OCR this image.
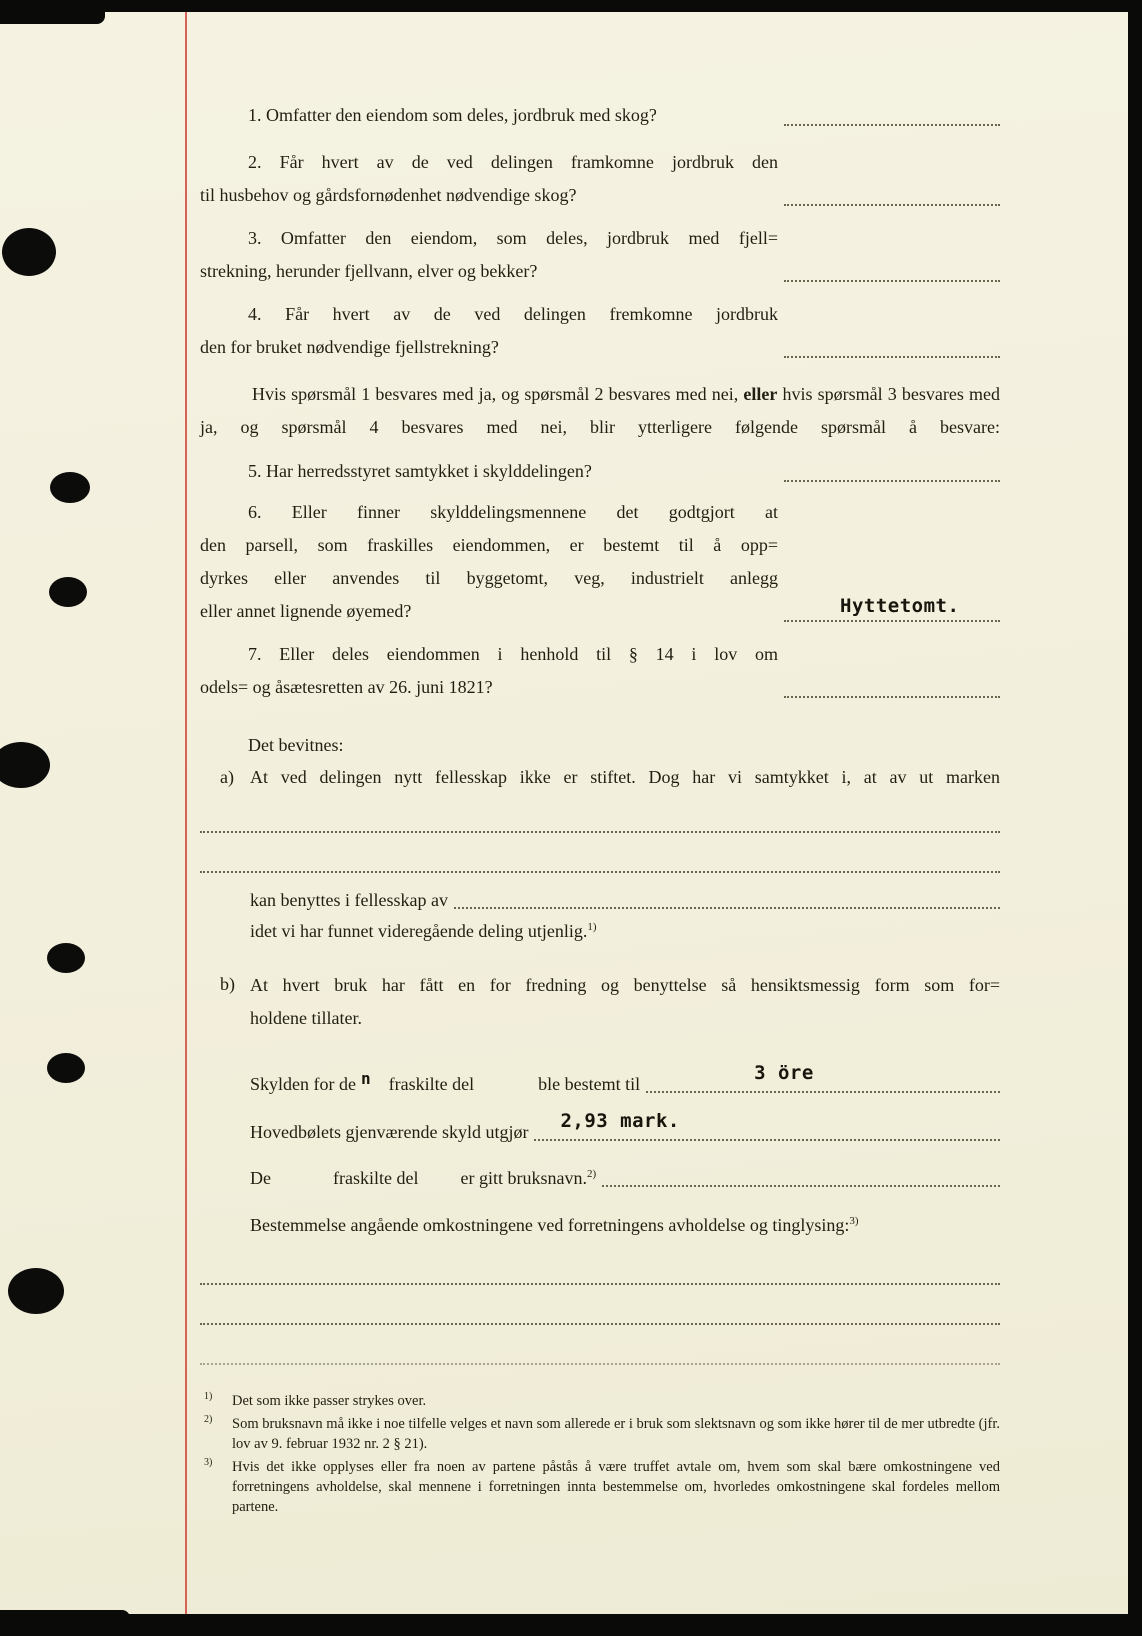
1. Omfatter den eiendom som deles, jordbruk med skog?
2. Får hvert av de ved delingen framkomne jordbruk den
til husbehov og gårdsfornødenhet nødvendige skog?
3. Omfatter den eiendom, som deles, jordbruk med fjell=
strekning, herunder fjellvann, elver og bekker?
4. Får hvert av de ved delingen fremkomne jordbruk
den for bruket nødvendige fjellstrekning?
Hvis spørsmål 1 besvares med ja, og spørsmål 2 besvares med nei, eller hvis spørsmål 3 besvares med ja, og spørsmål 4 besvares med nei, blir ytterligere følgende spørsmål å besvare:
5. Har herredsstyret samtykket i skylddelingen?
6. Eller finner skylddelingsmennene det godtgjort at
den parsell, som fraskilles eiendommen, er bestemt til å opp=
dyrkes eller anvendes til byggetomt, veg, industrielt anlegg
eller annet lignende øyemed?	Hyttetomt.
7. Eller deles eiendommen i henhold til § 14 i lov om
odels= og åsætesretten av 26. juni 1821?
Det bevitnes:
a) At ved delingen nytt fellesskap ikke er stiftet. Dog har vi samtykket i, at av ut marken
kan benyttes i fellesskap av
idet vi har funnet videregående deling utjenlig.$^{1)}$
b) At hvert bruk har fått en for fredning og benyttelse så hensiktsmessig form som for=
holdene tillater.
Skylden for de n fraskilte del	ble bestemt til	3 öre
Hovedbølets gjenværende skyld utgjør 2,93 mark.
De	fraskilte del er gitt bruksnavn.$^{2)}$
Bestemmelse angående omkostningene ved forretningens avholdelse og tinglysing:$^{3)}$
$^{1)}$	Det som ikke passer strykes over.
$^{2)}$	Som bruksnavn må ikke i noe tilfelle velges et navn som allerede er i bruk som slektsnavn og som ikke hører til de mer utbredte (jfr. lov av 9. februar 1932 nr. 2 § 21).
$^{3)}$	Hvis det ikke opplyses eller fra noen av partene påstås å være truffet avtale om, hvem som skal bære omkostningene ved forretningens avholdelse, skal mennene i forretningen innta bestemmelse om, hvorledes omkostningene skal fordeles mellom partene.
